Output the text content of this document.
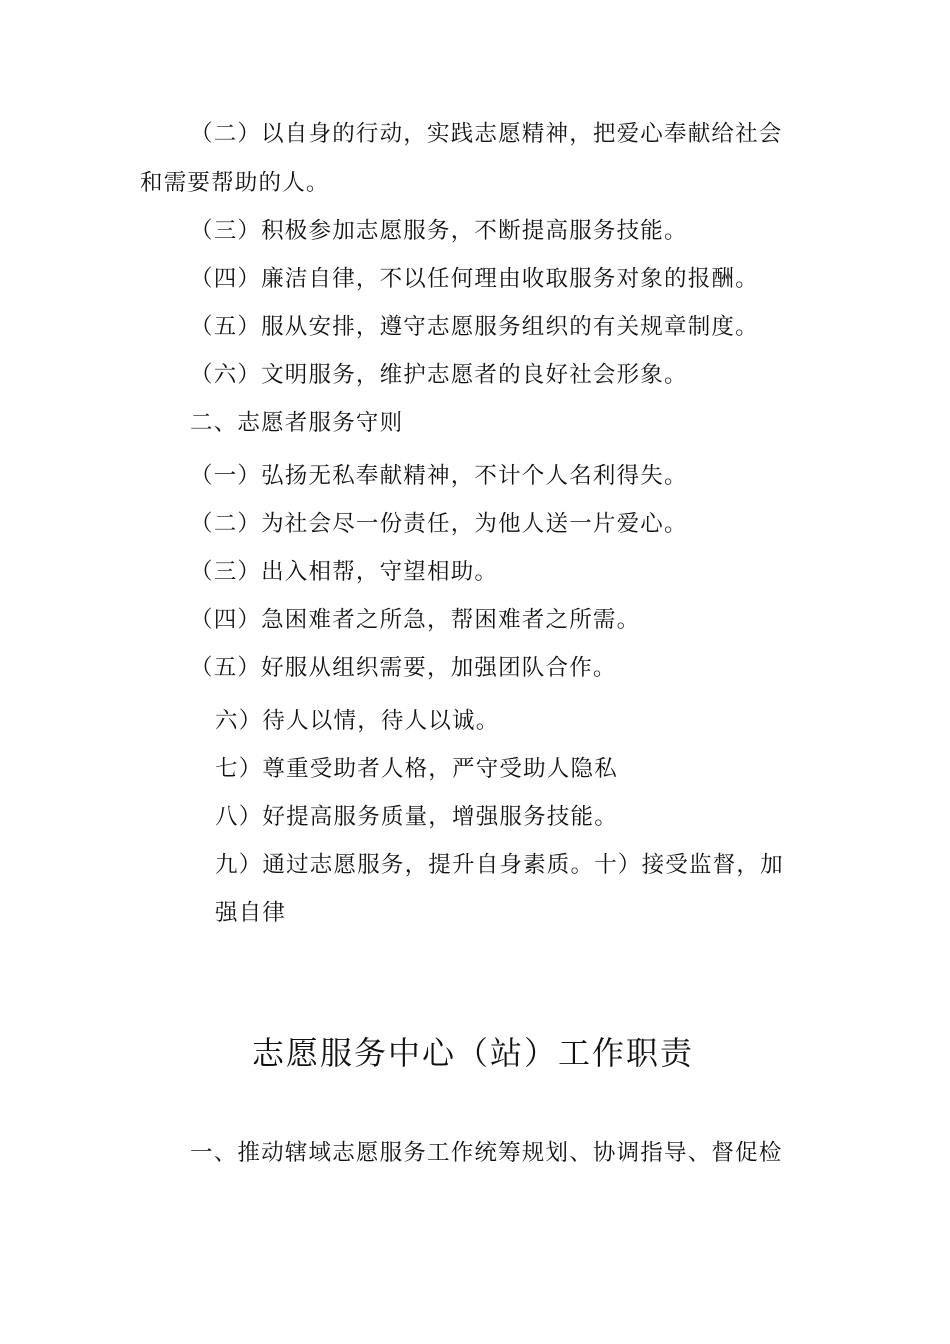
（二）以自身的行动，实践志愿精神，把爱心奉献给社会
和需要帮助的人。
（三）积极参加志愿服务，不断提高服务技能。
（四）廉洁自律，不以任何理由收取服务对象的报酬。
（五）服从安排，遵守志愿服务组织的有关规章制度。
（六）文明服务，维护志愿者的良好社会形象。
二、志愿者服务守则
（一）弘扬无私奉献精神，不计个人名利得失。
（二）为社会尽一份责任，为他人送一片爱心。
（三）出入相帮，守望相助。
（四）急困难者之所急，帮困难者之所需。
（五）好服从组织需要，加强团队合作。
六）待人以情，待人以诚。
七）尊重受助者人格，严守受助人隐私
八）好提高服务质量，增强服务技能。
九）通过志愿服务，提升自身素质。十）接受监督，加
强自律
志愿服务中心（站）工作职责
一、推动辖域志愿服务工作统筹规划、协调指导、督促检
